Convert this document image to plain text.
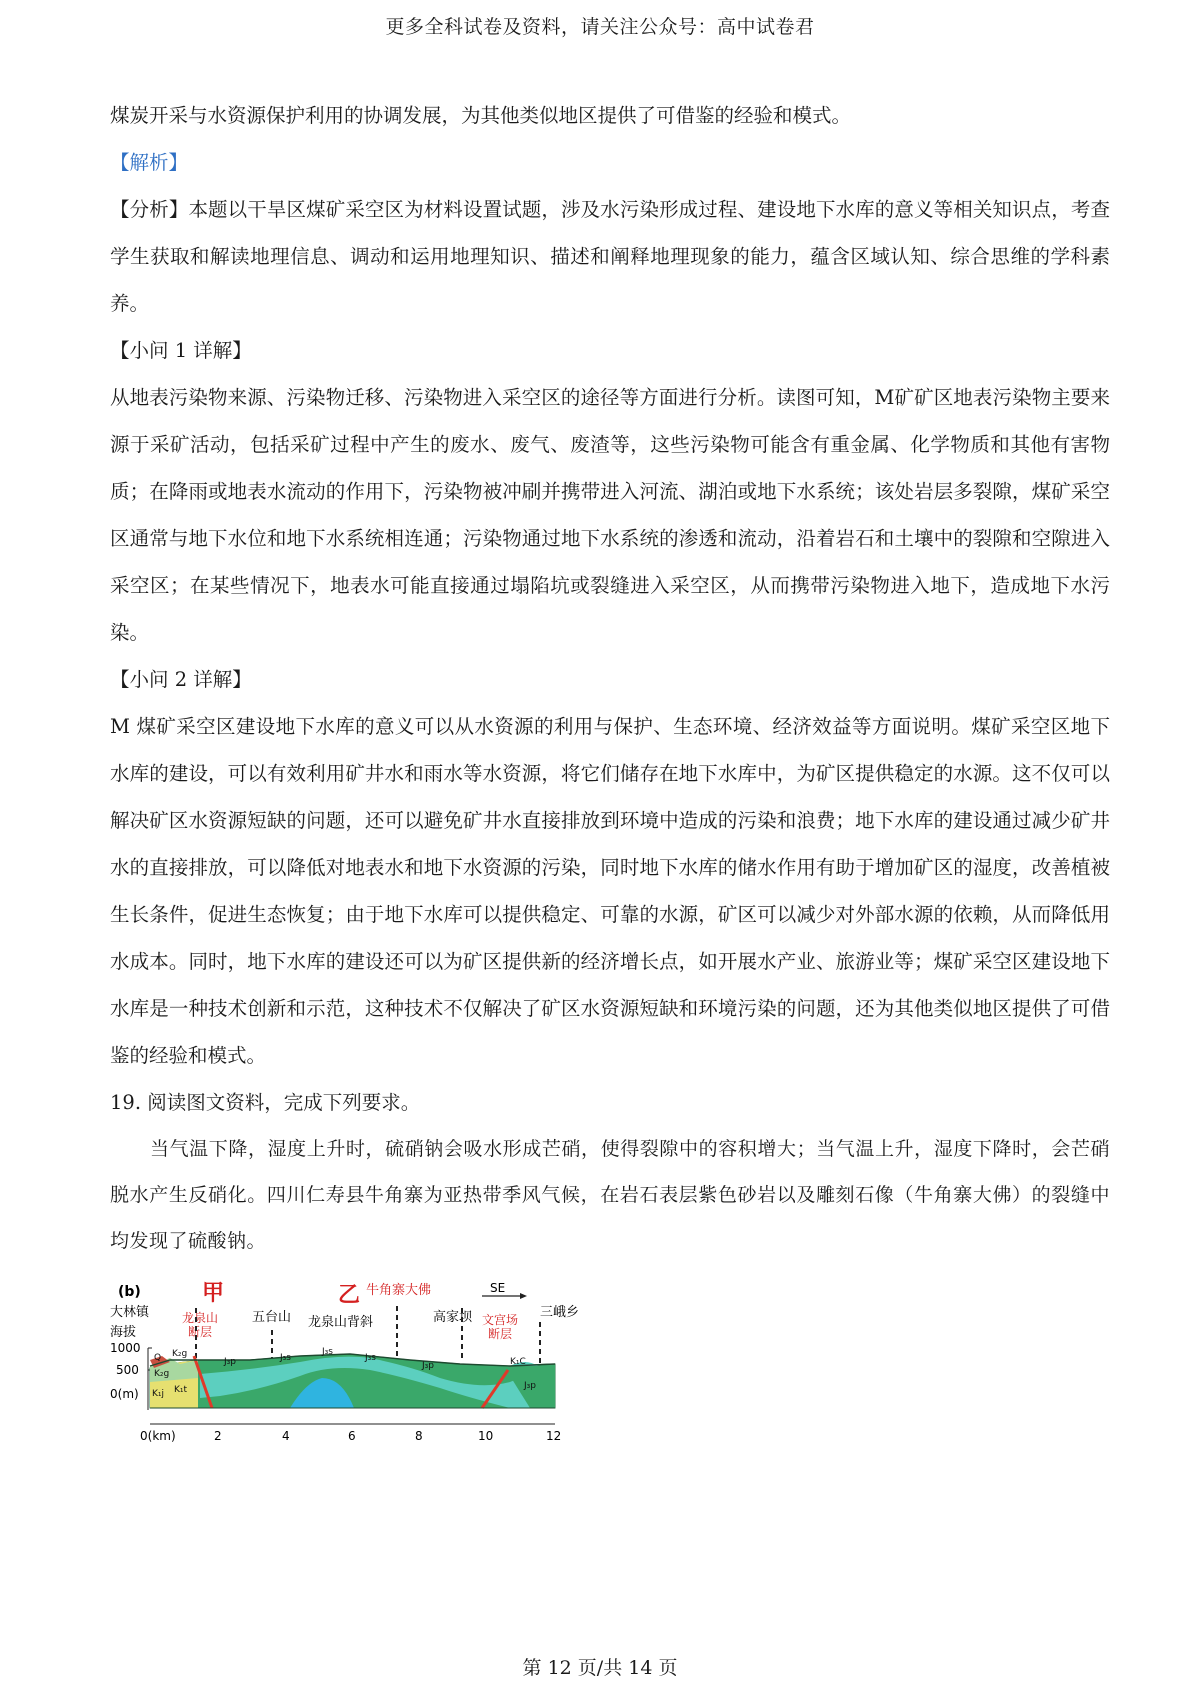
更多全科试卷及资料，请关注公众号：高中试卷君

煤炭开采与水资源保护利用的协调发展，为其他类似地区提供了可借鉴的经验和模式。

【解析】

【分析】本题以干旱区煤矿采空区为材料设置试题，涉及水污染形成过程、建设地下水库的意义等相关知识点，考查学生获取和解读地理信息、调动和运用地理知识、描述和阐释地理现象的能力，蕴含区域认知、综合思维的学科素养。

【小问 1 详解】

从地表污染物来源、污染物迁移、污染物进入采空区的途径等方面进行分析。读图可知，M矿矿区地表污染物主要来源于采矿活动，包括采矿过程中产生的废水、废气、废渣等，这些污染物可能含有重金属、化学物质和其他有害物质；在降雨或地表水流动的作用下，污染物被冲刷并携带进入河流、湖泊或地下水系统；该处岩层多裂隙，煤矿采空区通常与地下水位和地下水系统相连通；污染物通过地下水系统的渗透和流动，沿着岩石和土壤中的裂隙和空隙进入采空区；在某些情况下，地表水可能直接通过塌陷坑或裂缝进入采空区，从而携带污染物进入地下，造成地下水污染。

【小问 2 详解】

M 煤矿采空区建设地下水库的意义可以从水资源的利用与保护、生态环境、经济效益等方面说明。煤矿采空区地下水库的建设，可以有效利用矿井水和雨水等水资源，将它们储存在地下水库中，为矿区提供稳定的水源。这不仅可以解决矿区水资源短缺的问题，还可以避免矿井水直接排放到环境中造成的污染和浪费；地下水库的建设通过减少矿井水的直接排放，可以降低对地表水和地下水资源的污染，同时地下水库的储水作用有助于增加矿区的湿度，改善植被生长条件，促进生态恢复；由于地下水库可以提供稳定、可靠的水源，矿区可以减少对外部水源的依赖，从而降低用水成本。同时，地下水库的建设还可以为矿区提供新的经济增长点，如开展水产业、旅游业等；煤矿采空区建设地下水库是一种技术创新和示范，这种技术不仅解决了矿区水资源短缺和环境污染的问题，还为其他类似地区提供了可借鉴的经验和模式。

19. 阅读图文资料，完成下列要求。

当气温下降，湿度上升时，硫硝钠会吸水形成芒硝，使得裂隙中的容积增大；当气温上升，湿度下降时，会芒硝脱水产生反硝化。四川仁寿县牛角寨为亚热带季风气候，在岩石表层紫色砂岩以及雕刻石像（牛角寨大佛）的裂缝中均发现了硫酸钠。

(b)	甲	乙 牛角寨大佛	SE
大林镇	五台山	高家坝	三峨乡
龙泉山
断层
龙泉山背斜	文宫场
断层
海拔
1000
500
0(m)
Q K₂g
K₂g
K₁j K₁t
J₃p	J₃s
J₃s
J₃s
J₃p	K₁C
J₃p
0(km)	2	4	6	8	10	12
第 12 页/共 14 页
